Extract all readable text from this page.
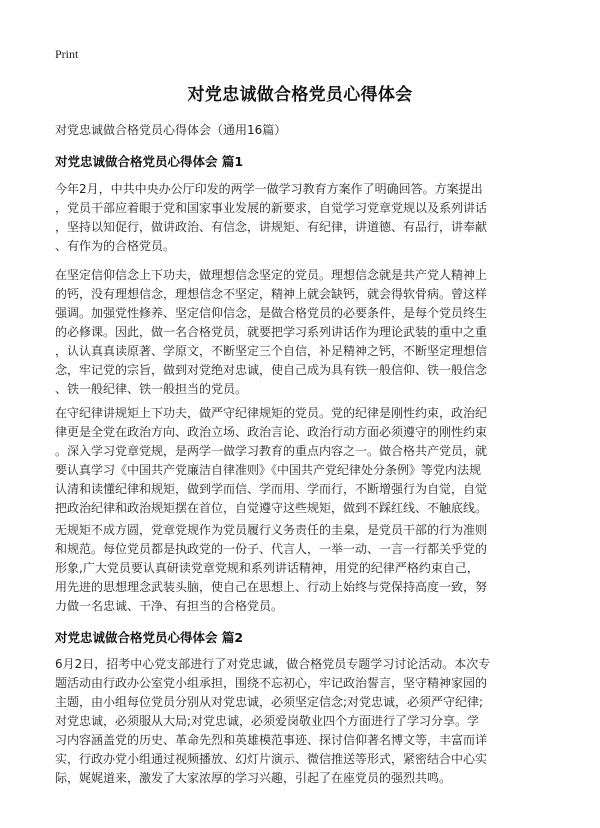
Print
对党忠诚做合格党员心得体会
对党忠诚做合格党员心得体会（通用16篇）
对党忠诚做合格党员心得体会 篇1
今年2月，中共中央办公厅印发的两学一做学习教育方案作了明确回答。方案提出
，党员干部应着眼于党和国家事业发展的新要求，自觉学习党章党规以及系列讲话
，坚持以知促行，做讲政治、有信念，讲规矩、有纪律，讲道德、有品行，讲奉献
、有作为的合格党员。
在坚定信仰信念上下功夫，做理想信念坚定的党员。理想信念就是共产党人精神上
的钙，没有理想信念，理想信念不坚定，精神上就会缺钙，就会得软骨病。曾这样
强调。加强党性修养、坚定信仰信念，是做合格党员的必要条件，是每个党员终生
的必修课。因此，做一名合格党员，就要把学习系列讲话作为理论武装的重中之重
，认认真真读原著、学原文，不断坚定三个自信，补足精神之钙，不断坚定理想信
念，牢记党的宗旨，做到对党绝对忠诚，使自己成为具有铁一般信仰、铁一般信念
、铁一般纪律、铁一般担当的党员。
在守纪律讲规矩上下功夫，做严守纪律规矩的党员。党的纪律是刚性约束，政治纪
律更是全党在政治方向、政治立场、政治言论、政治行动方面必须遵守的刚性约束
。深入学习党章党规，是两学一做学习教育的重点内容之一。做合格共产党员，就
要认真学习《中国共产党廉洁自律准则》《中国共产党纪律处分条例》等党内法规
认清和读懂纪律和规矩，做到学而信、学而用、学而行，不断增强行为自觉，自觉
把政治纪律和政治规矩摆在首位，自觉遵守这些规矩，做到不踩红线、不触底线。
无规矩不成方圆，党章党规作为党员履行义务责任的圭臬，是党员干部的行为准则
和规范。每位党员都是执政党的一份子、代言人，一举一动、一言一行都关乎党的
形象,广大党员要认真研读党章党规和系列讲话精神，用党的纪律严格约束自己，
用先进的思想理念武装头脑，使自己在思想上、行动上始终与党保持高度一致，努
力做一名忠诚、干净、有担当的合格党员。
对党忠诚做合格党员心得体会 篇2
6月2日，招考中心党支部进行了对党忠诚，做合格党员专题学习讨论活动。本次专
题活动由行政办公室党小组承担，围绕不忘初心，牢记政治誓言，坚守精神家园的
主题，由小组每位党员分别从对党忠诚，必须坚定信念;对党忠诚，必须严守纪律;
对党忠诚，必须服从大局;对党忠诚，必须爱岗敬业四个方面进行了学习分享。学
习内容涵盖党的历史、革命先烈和英雄模范事迹、探讨信仰著名博文等，丰富而详
实，行政办党小组通过视频播放、幻灯片演示、微信推送等形式，紧密结合中心实
际，娓娓道来，激发了大家浓厚的学习兴趣，引起了在座党员的强烈共鸣。
